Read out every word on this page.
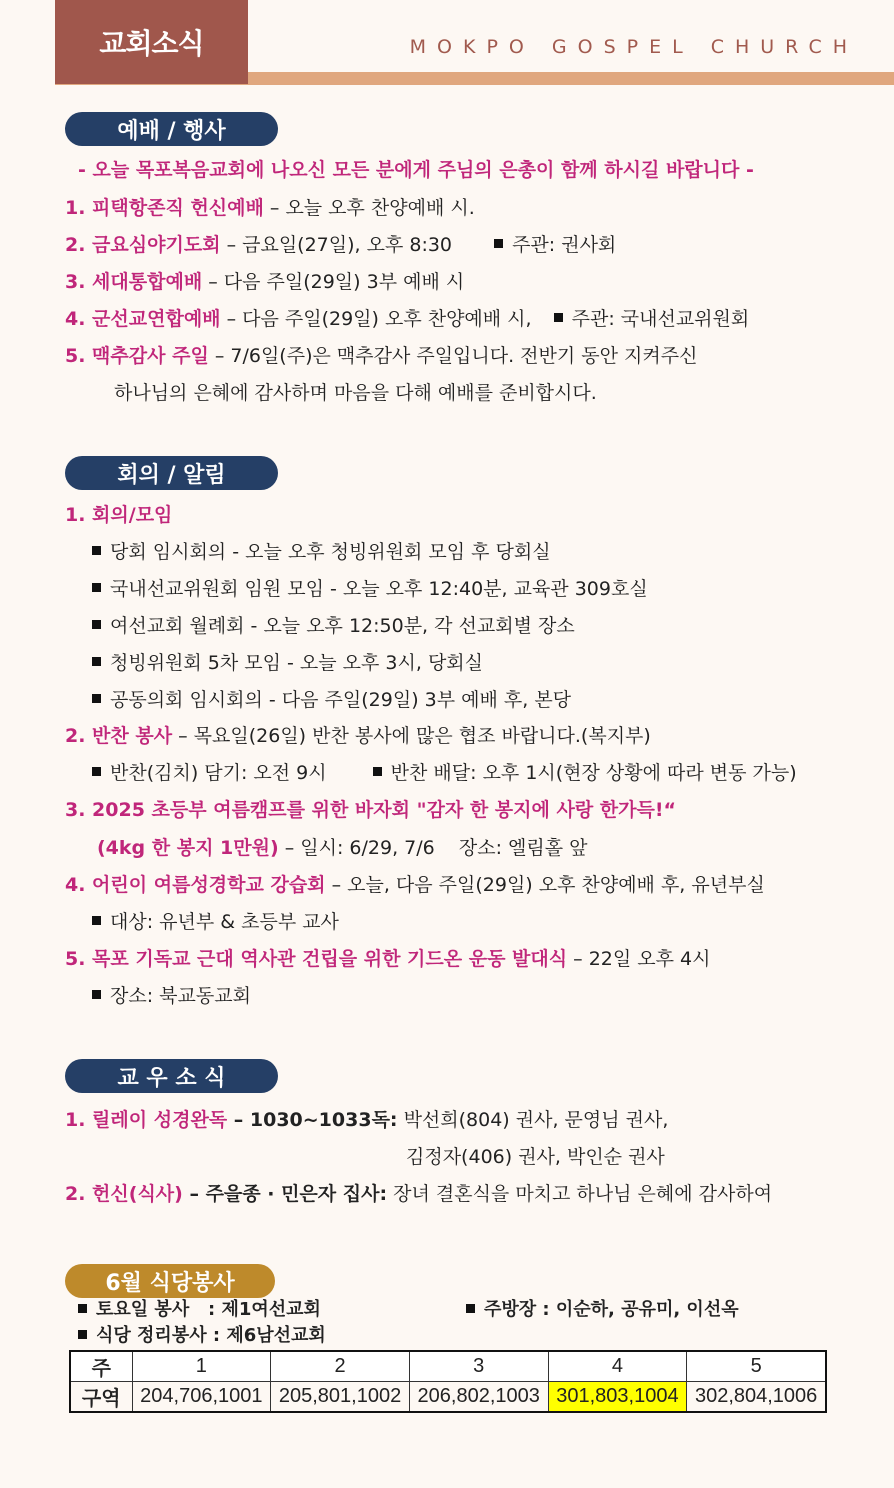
교회소식	MOKPO GOSPEL CHURCH
예배 / 행사
- 오늘 목포복음교회에 나오신 모든 분에게 주님의 은총이 함께 하시길 바랍니다 -
1. 피택항존직 헌신예배 – 오늘 오후 찬양예배 시.
2. 금요심야기도회 – 금요일(27일), 오후 8:30	주관: 권사회
3. 세대통합예배 – 다음 주일(29일) 3부 예배 시
4. 군선교연합예배 – 다음 주일(29일) 오후 찬양예배 시, 주관: 국내선교위원회
5. 맥추감사 주일 – 7/6일(주)은 맥추감사 주일입니다. 전반기 동안 지켜주신
하나님의 은혜에 감사하며 마음을 다해 예배를 준비합시다.
회의 / 알림
1. 회의/모임
당회 임시회의 - 오늘 오후 청빙위원회 모임 후 당회실
국내선교위원회 임원 모임 - 오늘 오후 12:40분, 교육관 309호실
여선교회 월례회 - 오늘 오후 12:50분, 각 선교회별 장소
청빙위원회 5차 모임 - 오늘 오후 3시, 당회실
공동의회 임시회의 - 다음 주일(29일) 3부 예배 후, 본당
2. 반찬 봉사 – 목요일(26일) 반찬 봉사에 많은 협조 바랍니다.(복지부)
반찬(김치) 담기: 오전 9시	반찬 배달: 오후 1시(현장 상황에 따라 변동 가능)
3. 2025 초등부 여름캠프를 위한 바자회 "감자 한 봉지에 사랑 한가득!“
(4kg 한 봉지 1만원) – 일시: 6/29, 7/6    장소: 엘림홀 앞
4. 어린이 여름성경학교 강습회 – 오늘, 다음 주일(29일) 오후 찬양예배 후, 유년부실
대상: 유년부 & 초등부 교사
5. 목포 기독교 근대 역사관 건립을 위한 기드온 운동 발대식 – 22일 오후 4시
장소: 북교동교회
교 우 소 식
1. 릴레이 성경완독 – 1030~1033독: 박선희(804) 권사, 문영님 권사,
김정자(406) 권사, 박인순 권사
2. 헌신(식사) – 주을종 · 민은자 집사: 장녀 결혼식을 마치고 하나님 은혜에 감사하여
6월 식당봉사
토요일 봉사   : 제1여선교회	주방장 : 이순하, 공유미, 이선옥
식당 정리봉사 : 제6남선교회
주	1	2	3	4	5
구역	204,706,1001	205,801,1002	206,802,1003	301,803,1004	302,804,1006
